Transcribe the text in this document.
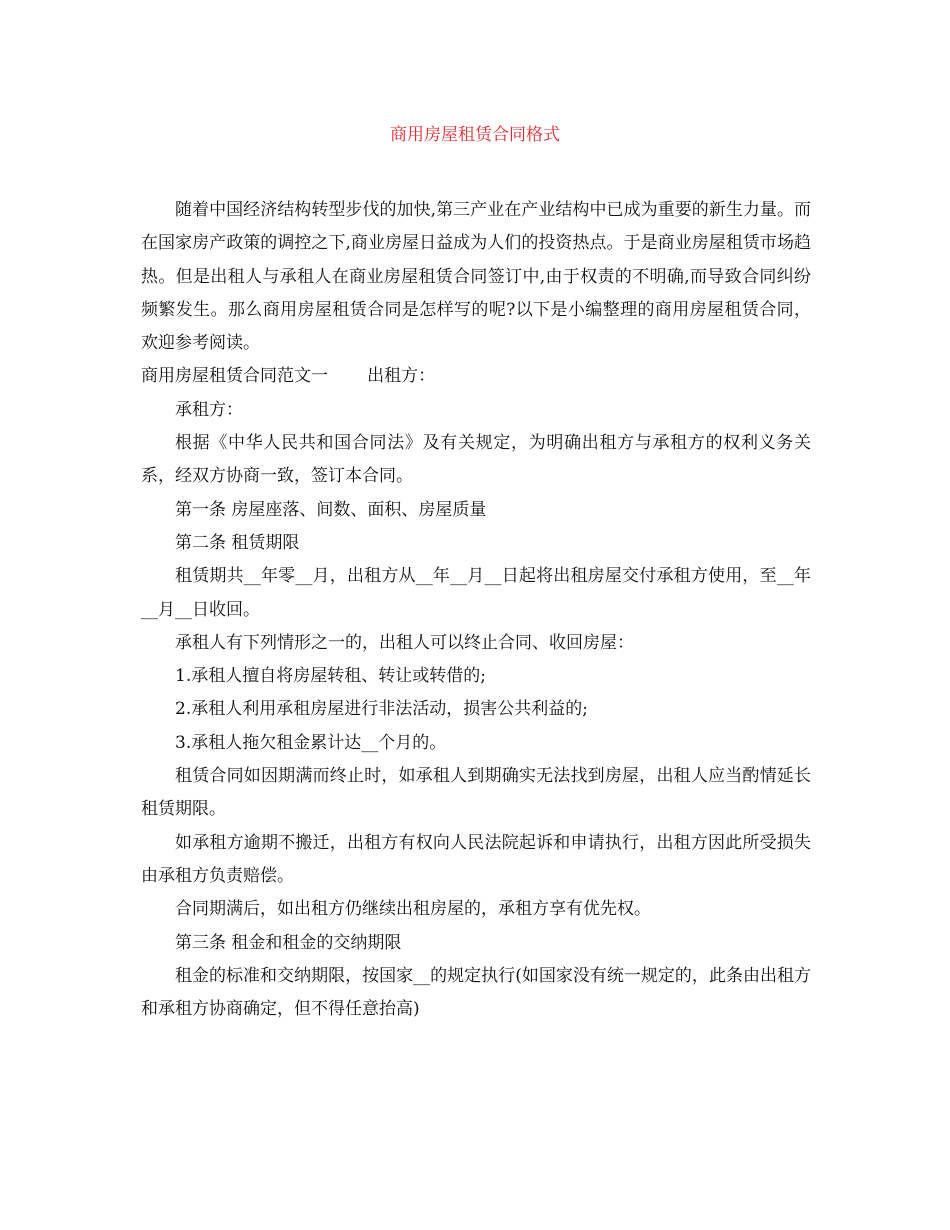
商用房屋租赁合同格式

随着中国经济结构转型步伐的加快,第三产业在产业结构中已成为重要的新生力量。而在国家房产政策的调控之下,商业房屋日益成为人们的投资热点。于是商业房屋租赁市场趋热。但是出租人与承租人在商业房屋租赁合同签订中,由于权责的不明确,而导致合同纠纷频繁发生。那么商用房屋租赁合同是怎样写的呢?以下是小编整理的商用房屋租赁合同，欢迎参考阅读。

商用房屋租赁合同范文一 出租方：

承租方：

根据《中华人民共和国合同法》及有关规定，为明确出租方与承租方的权利义务关系，经双方协商一致，签订本合同。

第一条 房屋座落、间数、面积、房屋质量

第二条 租赁期限

租赁期共__年零__月，出租方从__年__月__日起将出租房屋交付承租方使用，至__年__月__日收回。

承租人有下列情形之一的，出租人可以终止合同、收回房屋：

1.承租人擅自将房屋转租、转让或转借的;

2.承租人利用承租房屋进行非法活动，损害公共利益的;

3.承租人拖欠租金累计达__个月的。

租赁合同如因期满而终止时，如承租人到期确实无法找到房屋，出租人应当酌情延长租赁期限。

如承租方逾期不搬迁，出租方有权向人民法院起诉和申请执行，出租方因此所受损失由承租方负责赔偿。

合同期满后，如出租方仍继续出租房屋的，承租方享有优先权。

第三条 租金和租金的交纳期限

租金的标准和交纳期限，按国家__的规定执行(如国家没有统一规定的，此条由出租方和承租方协商确定，但不得任意抬高)
